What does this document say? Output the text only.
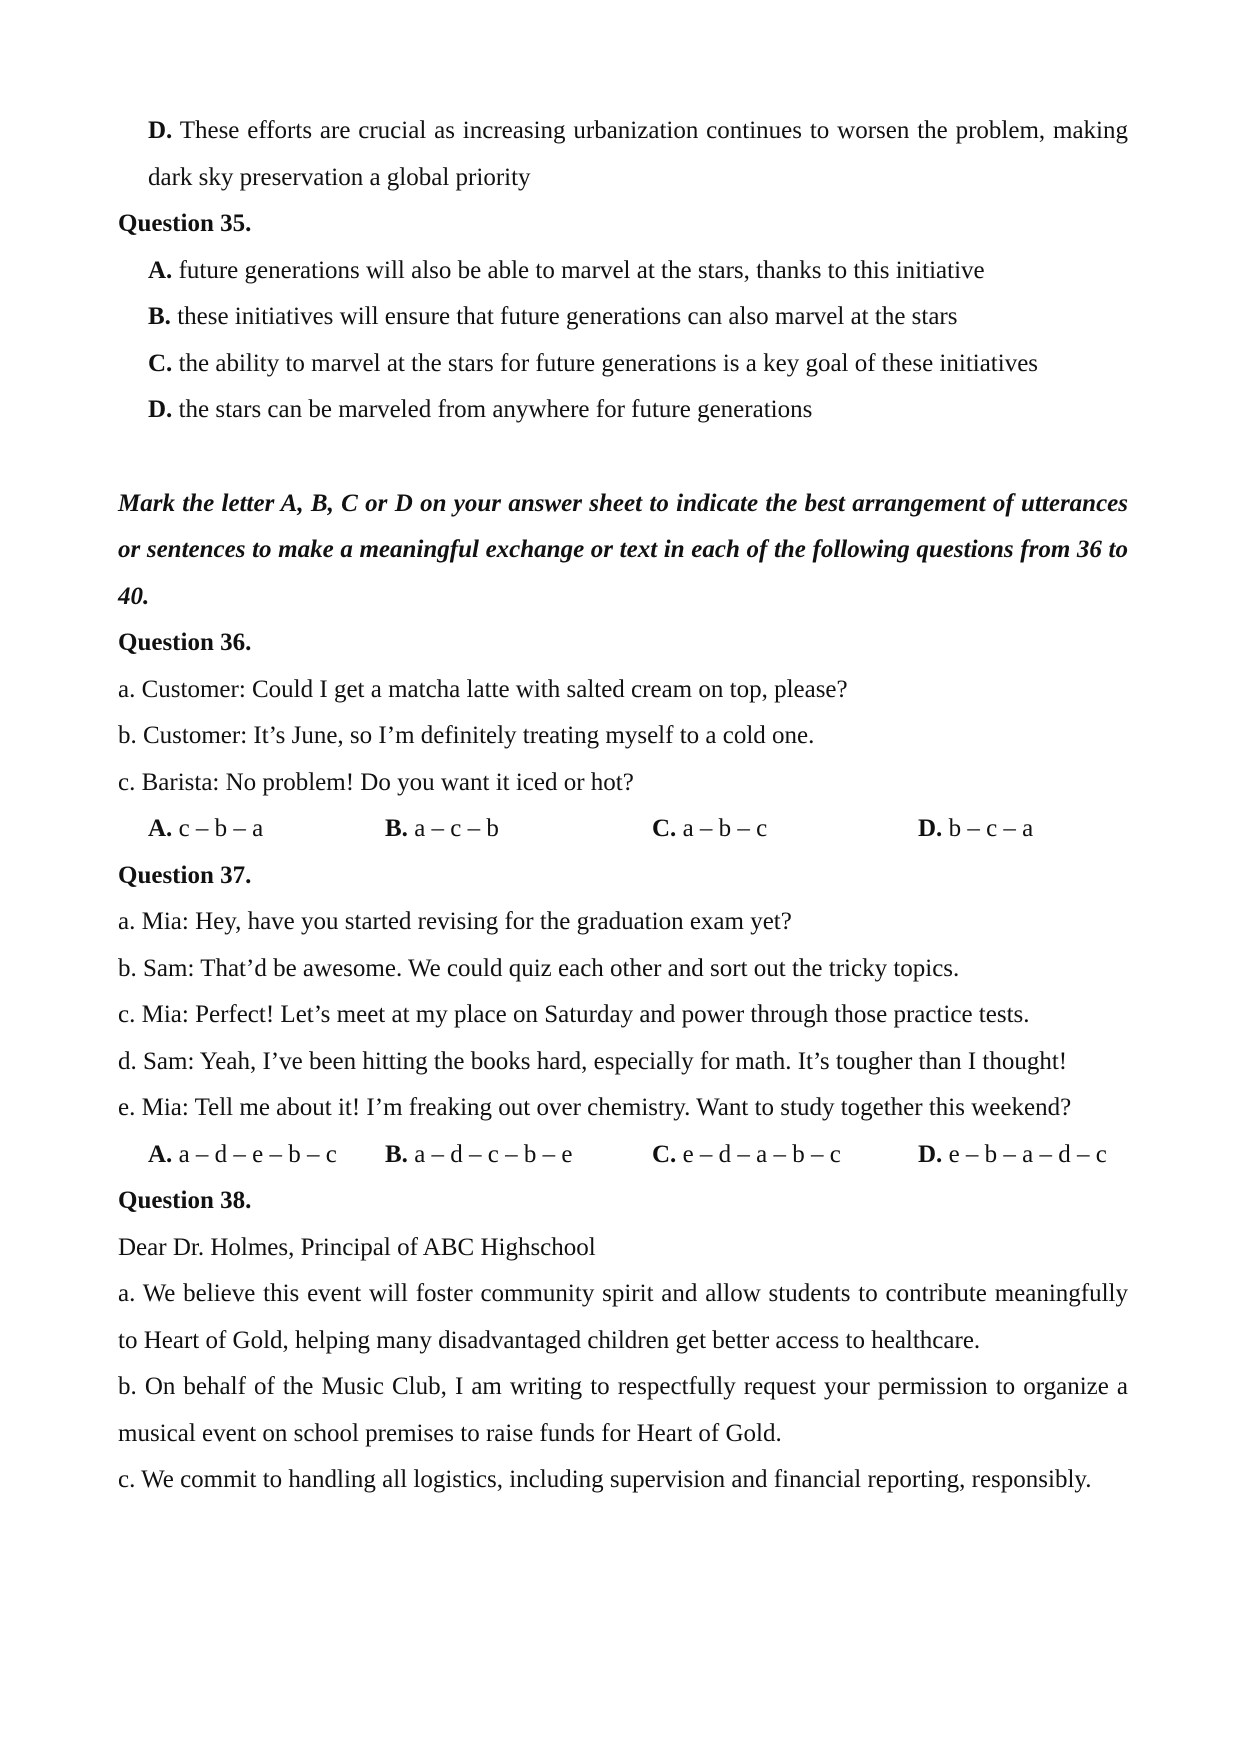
D. These efforts are crucial as increasing urbanization continues to worsen the problem, making dark sky preservation a global priority
Question 35.
A. future generations will also be able to marvel at the stars, thanks to this initiative
B. these initiatives will ensure that future generations can also marvel at the stars
C. the ability to marvel at the stars for future generations is a key goal of these initiatives
D. the stars can be marveled from anywhere for future generations
Mark the letter A, B, C or D on your answer sheet to indicate the best arrangement of utterances or sentences to make a meaningful exchange or text in each of the following questions from 36 to 40.
Question 36.
a. Customer: Could I get a matcha latte with salted cream on top, please?
b. Customer: It’s June, so I’m definitely treating myself to a cold one.
c. Barista: No problem! Do you want it iced or hot?
A. c – b – a	B. a – c – b	C. a – b – c	D. b – c – a
Question 37.
a. Mia: Hey, have you started revising for the graduation exam yet?
b. Sam: That’d be awesome. We could quiz each other and sort out the tricky topics.
c. Mia: Perfect! Let’s meet at my place on Saturday and power through those practice tests.
d. Sam: Yeah, I’ve been hitting the books hard, especially for math. It’s tougher than I thought!
e. Mia: Tell me about it! I’m freaking out over chemistry. Want to study together this weekend?
A. a – d – e – b – c	B. a – d – c – b – e	C. e – d – a – b – c	D. e – b – a – d – c
Question 38.
Dear Dr. Holmes, Principal of ABC Highschool
a. We believe this event will foster community spirit and allow students to contribute meaningfully to Heart of Gold, helping many disadvantaged children get better access to healthcare.
b. On behalf of the Music Club, I am writing to respectfully request your permission to organize a musical event on school premises to raise funds for Heart of Gold.
c. We commit to handling all logistics, including supervision and financial reporting, responsibly.
